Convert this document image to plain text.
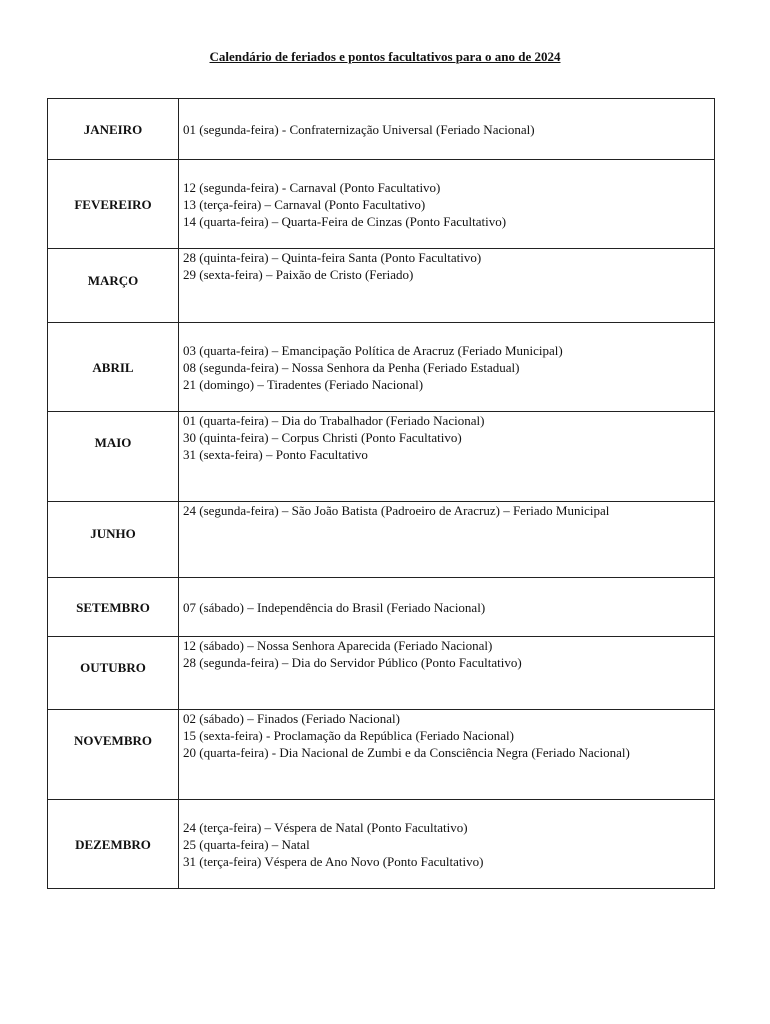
Calendário de feriados e pontos facultativos para o ano de 2024
JANEIRO	01 (segunda-feira) - Confraternização Universal (Feriado Nacional)

FEVEREIRO	12 (segunda-feira) - Carnaval (Ponto Facultativo)
13 (terça-feira) – Carnaval (Ponto Facultativo)
14 (quarta-feira) – Quarta-Feira de Cinzas (Ponto Facultativo)

MARÇO	28 (quinta-feira) – Quinta-feira Santa (Ponto Facultativo)
29 (sexta-feira) – Paixão de Cristo (Feriado)

ABRIL	03 (quarta-feira) – Emancipação Política de Aracruz (Feriado Municipal)
08 (segunda-feira) – Nossa Senhora da Penha (Feriado Estadual)
21 (domingo) – Tiradentes (Feriado Nacional)

MAIO	01 (quarta-feira) – Dia do Trabalhador (Feriado Nacional)
30 (quinta-feira) – Corpus Christi (Ponto Facultativo)
31 (sexta-feira) – Ponto Facultativo

JUNHO	24 (segunda-feira) – São João Batista (Padroeiro de Aracruz) – Feriado Municipal

SETEMBRO	07 (sábado) – Independência do Brasil (Feriado Nacional)

OUTUBRO	12 (sábado) – Nossa Senhora Aparecida (Feriado Nacional)
28 (segunda-feira) – Dia do Servidor Público (Ponto Facultativo)

NOVEMBRO	02 (sábado) – Finados (Feriado Nacional)
15 (sexta-feira) - Proclamação da República (Feriado Nacional)
20 (quarta-feira) - Dia Nacional de Zumbi e da Consciência Negra (Feriado Nacional)

DEZEMBRO	24 (terça-feira) – Véspera de Natal (Ponto Facultativo)
25 (quarta-feira) – Natal
31 (terça-feira) Véspera de Ano Novo (Ponto Facultativo)
